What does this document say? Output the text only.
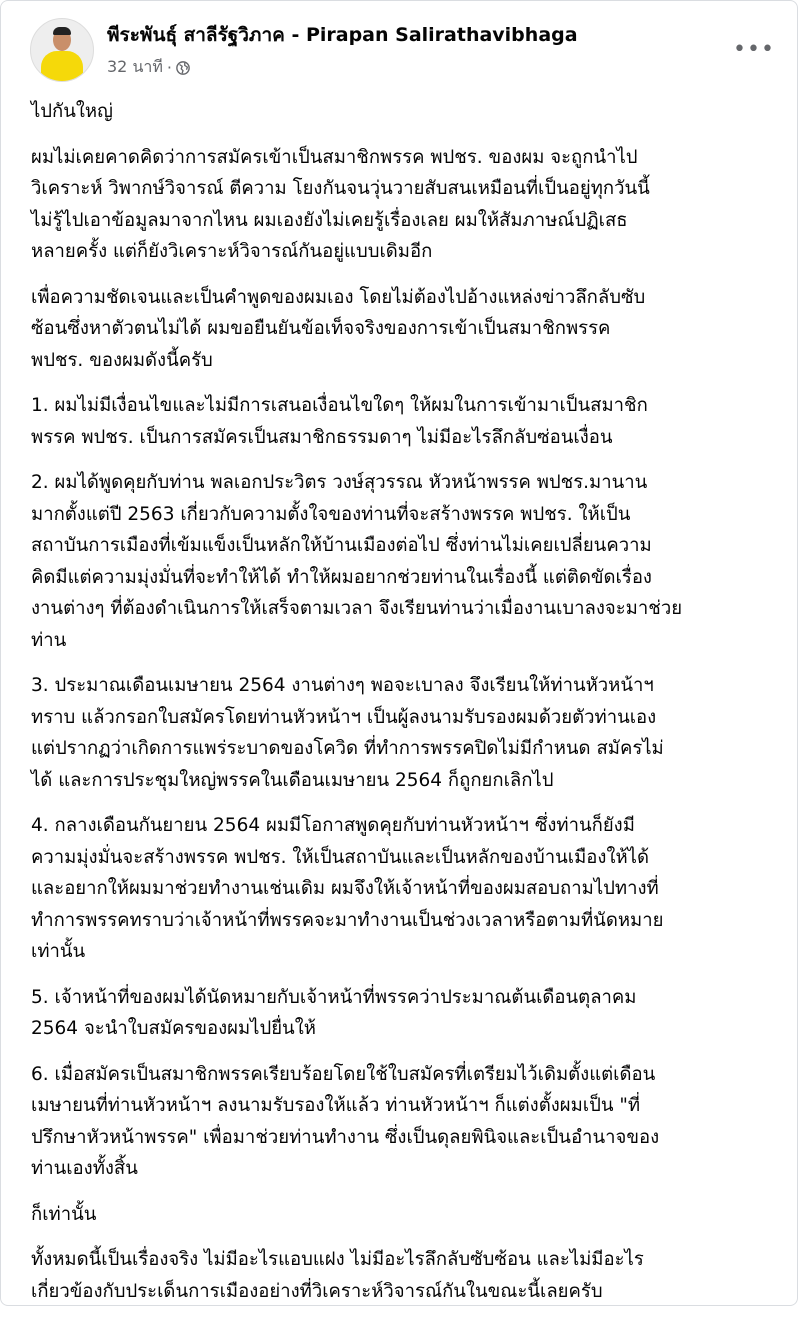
พีระพันธุ์ สาลีรัฐวิภาค - Pirapan Salirathavibhaga
32 นาที ·
•••
ไปกันใหญ่
ผมไม่เคยคาดคิดว่าการสมัครเข้าเป็นสมาชิกพรรค พปชร. ของผม จะถูกนำไป
วิเคราะห์ วิพากษ์วิจารณ์ ตีความ โยงกันจนวุ่นวายสับสนเหมือนที่เป็นอยู่ทุกวันนี้
ไม่รู้ไปเอาข้อมูลมาจากไหน ผมเองยังไม่เคยรู้เรื่องเลย ผมให้สัมภาษณ์ปฏิเสธ
หลายครั้ง แต่ก็ยังวิเคราะห์วิจารณ์กันอยู่แบบเดิมอีก
เพื่อความชัดเจนและเป็นคำพูดของผมเอง โดยไม่ต้องไปอ้างแหล่งข่าวลึกลับซับ
ซ้อนซึ่งหาตัวตนไม่ได้ ผมขอยืนยันข้อเท็จจริงของการเข้าเป็นสมาชิกพรรค
พปชร. ของผมดังนี้ครับ
1. ผมไม่มีเงื่อนไขและไม่มีการเสนอเงื่อนไขใดๆ ให้ผมในการเข้ามาเป็นสมาชิก
พรรค พปชร. เป็นการสมัครเป็นสมาชิกธรรมดาๆ ไม่มีอะไรลึกลับซ่อนเงื่อน
2. ผมได้พูดคุยกับท่าน พลเอกประวิตร วงษ์สุวรรณ หัวหน้าพรรค พปชร.มานาน
มากตั้งแต่ปี 2563 เกี่ยวกับความตั้งใจของท่านที่จะสร้างพรรค พปชร. ให้เป็น
สถาบันการเมืองที่เข้มแข็งเป็นหลักให้บ้านเมืองต่อไป ซึ่งท่านไม่เคยเปลี่ยนความ
คิดมีแต่ความมุ่งมั่นที่จะทำให้ได้ ทำให้ผมอยากช่วยท่านในเรื่องนี้ แต่ติดขัดเรื่อง
งานต่างๆ ที่ต้องดำเนินการให้เสร็จตามเวลา จึงเรียนท่านว่าเมื่องานเบาลงจะมาช่วย
ท่าน
3. ประมาณเดือนเมษายน 2564 งานต่างๆ พอจะเบาลง จึงเรียนให้ท่านหัวหน้าฯ
ทราบ แล้วกรอกใบสมัครโดยท่านหัวหน้าฯ เป็นผู้ลงนามรับรองผมด้วยตัวท่านเอง
แต่ปรากฏว่าเกิดการแพร่ระบาดของโควิด ที่ทำการพรรคปิดไม่มีกำหนด สมัครไม่
ได้ และการประชุมใหญ่พรรคในเดือนเมษายน 2564 ก็ถูกยกเลิกไป
4. กลางเดือนกันยายน 2564 ผมมีโอกาสพูดคุยกับท่านหัวหน้าฯ ซึ่งท่านก็ยังมี
ความมุ่งมั่นจะสร้างพรรค พปชร. ให้เป็นสถาบันและเป็นหลักของบ้านเมืองให้ได้
และอยากให้ผมมาช่วยทำงานเช่นเดิม ผมจึงให้เจ้าหน้าที่ของผมสอบถามไปทางที่
ทำการพรรคทราบว่าเจ้าหน้าที่พรรคจะมาทำงานเป็นช่วงเวลาหรือตามที่นัดหมาย
เท่านั้น
5. เจ้าหน้าที่ของผมได้นัดหมายกับเจ้าหน้าที่พรรคว่าประมาณต้นเดือนตุลาคม
2564 จะนำใบสมัครของผมไปยื่นให้
6. เมื่อสมัครเป็นสมาชิกพรรคเรียบร้อยโดยใช้ใบสมัครที่เตรียมไว้เดิมตั้งแต่เดือน
เมษายนที่ท่านหัวหน้าฯ ลงนามรับรองให้แล้ว ท่านหัวหน้าฯ ก็แต่งตั้งผมเป็น "ที่
ปรึกษาหัวหน้าพรรค" เพื่อมาช่วยท่านทำงาน ซึ่งเป็นดุลยพินิจและเป็นอำนาจของ
ท่านเองทั้งสิ้น
ก็เท่านั้น
ทั้งหมดนี้เป็นเรื่องจริง ไม่มีอะไรแอบแฝง ไม่มีอะไรลึกลับซับซ้อน และไม่มีอะไร
เกี่ยวข้องกับประเด็นการเมืองอย่างที่วิเคราะห์วิจารณ์กันในขณะนี้เลยครับ
